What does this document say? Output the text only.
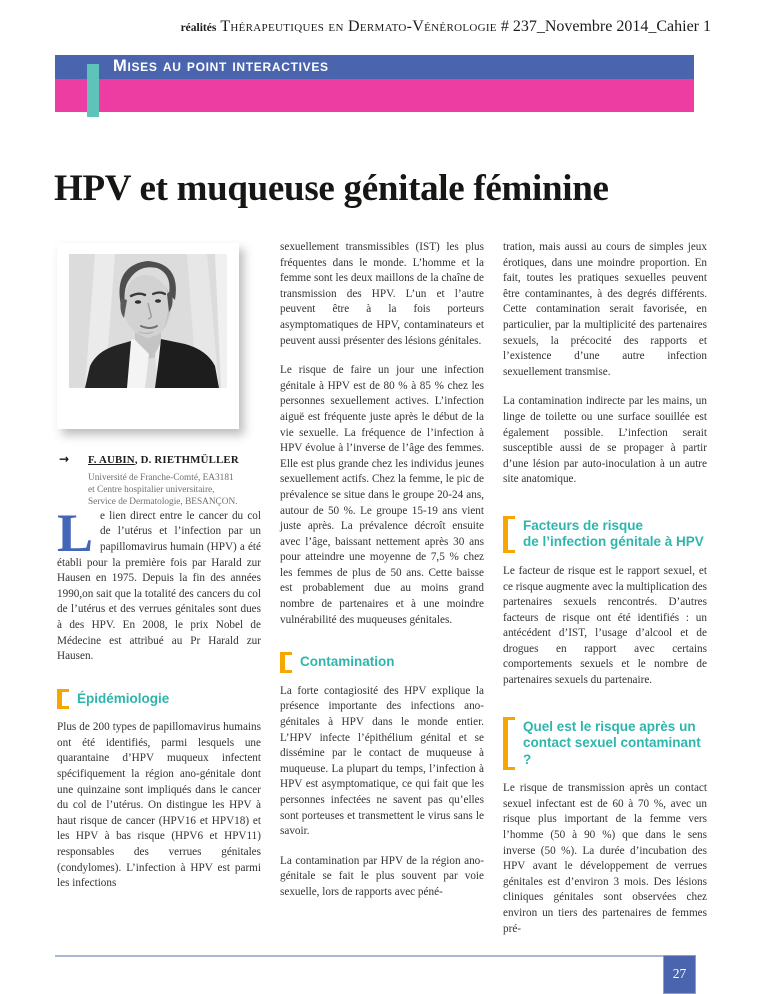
réalités Thérapeutiques en Dermato-Vénérologie # 237_Novembre 2014_Cahier 1
Mises au point interactives
HPV et muqueuse génitale féminine
→ F. AUBIN, D. RIETHMÜLLER
Université de Franche-Comté, EA3181
et Centre hospitalier universitaire,
Service de Dermatologie, BESANÇON.

Le lien direct entre le cancer du col de l’utérus et l’infection par un papillomavirus humain (HPV) a été établi pour la première fois par Harald zur Hausen en 1975. Depuis la fin des années 1990,on sait que la totalité des cancers du col de l’utérus et des verrues génitales sont dues à des HPV. En 2008, le prix Nobel de Médecine est attribué au Pr Harald zur Hausen.

Épidémiologie

Plus de 200 types de papillomavirus humains ont été identifiés, parmi lesquels une quarantaine d’HPV muqueux infectent spécifiquement la région ano-génitale dont une quinzaine sont impliqués dans le cancer du col de l’utérus. On distingue les HPV à haut risque de cancer (HPV16 et HPV18) et les HPV à bas risque (HPV6 et HPV11) responsables des verrues génitales (condylomes). L’infection à HPV est parmi les infections

sexuellement transmissibles (IST) les plus fréquentes dans le monde. L’homme et la femme sont les deux maillons de la chaîne de transmission des HPV. L’un et l’autre peuvent être à la fois porteurs asymptomatiques de HPV, contaminateurs et peuvent aussi présenter des lésions génitales.

Le risque de faire un jour une infection génitale à HPV est de 80 % à 85 % chez les personnes sexuellement actives. L’infection aiguë est fréquente juste après le début de la vie sexuelle. La fréquence de l’infection à HPV évolue à l’inverse de l’âge des femmes. Elle est plus grande chez les individus jeunes sexuellement actifs. Chez la femme, le pic de prévalence se situe dans le groupe 20-24 ans, autour de 50 %. Le groupe 15-19 ans vient juste après. La prévalence décroît ensuite avec l’âge, baissant nettement après 30 ans pour atteindre une moyenne de 7,5 % chez les femmes de plus de 50 ans. Cette baisse est probablement due au moins grand nombre de partenaires et à une moindre vulnérabilité des muqueuses génitales.

Contamination

La forte contagiosité des HPV explique la présence importante des infections ano-génitales à HPV dans le monde entier. L’HPV infecte l’épithélium génital et se dissémine par le contact de muqueuse à muqueuse. La plupart du temps, l’infection à HPV est asymptomatique, ce qui fait que les personnes infectées ne savent pas qu’elles sont porteuses et transmettent le virus sans le savoir.

La contamination par HPV de la région ano-génitale se fait le plus souvent par voie sexuelle, lors de rapports avec péné-

tration, mais aussi au cours de simples jeux érotiques, dans une moindre proportion. En fait, toutes les pratiques sexuelles peuvent être contaminantes, à des degrés différents. Cette contamination serait favorisée, en particulier, par la multiplicité des partenaires sexuels, la précocité des rapports et l’existence d’une autre infection sexuellement transmise.

La contamination indirecte par les mains, un linge de toilette ou une surface souillée est également possible. L’infection serait susceptible aussi de se propager à partir d’une lésion par auto-inoculation à un autre site anatomique.

Facteurs de risque
de l’infection génitale à HPV

Le facteur de risque est le rapport sexuel, et ce risque augmente avec la multiplication des partenaires sexuels rencontrés. D’autres facteurs de risque ont été identifiés : un antécédent d’IST, l’usage d’alcool et de drogues en rapport avec certains comportements sexuels et le nombre de partenaires sexuels du partenaire.

Quel est le risque après un
contact sexuel contaminant ?

Le risque de transmission après un contact sexuel infectant est de 60 à 70 %, avec un risque plus important de la femme vers l’homme (50 à 90 %) que dans le sens inverse (50 %). La durée d’incubation des HPV avant le développement de verrues génitales est d’environ 3 mois. Des lésions cliniques génitales sont observées chez environ un tiers des partenaires de femmes pré-

27
